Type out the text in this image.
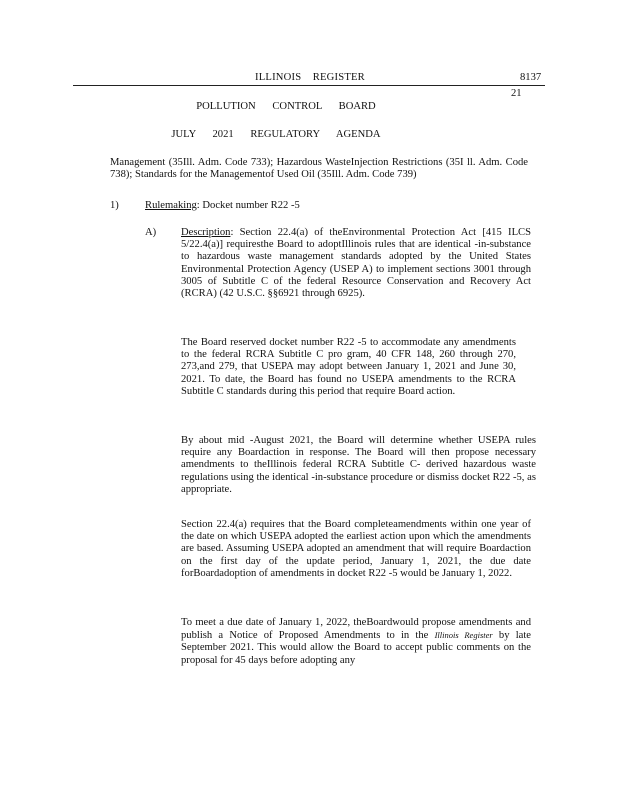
ILLINOIS    REGISTER	8137
21
POLLUTION CONTROL BOARD
JULY 2021 REGULATORY AGENDA
Management (35Ill. Adm. Code 733); Hazardous WasteInjection Restrictions (35I ll. Adm. Code 738); Standards for the Managementof Used Oil (35Ill. Adm. Code 739)
1) Rulemaking: Docket number R22 -5
A) Description: Section 22.4(a) of theEnvironmental Protection Act [415 ILCS 5/22.4(a)] requiresthe Board to adoptIllinois rules that are identical -in-substance to hazardous waste management standards adopted by the United States Environmental Protection Agency (USEP A) to implement sections 3001 through 3005 of Subtitle C of the federal Resource Conservation and Recovery Act (RCRA) (42 U.S.C. §§6921 through 6925).
The Board reserved docket number R22 -5 to accommodate any amendments to the federal RCRA Subtitle C pro gram, 40 CFR 148, 260 through 270, 273,and 279, that USEPA may adopt between January 1, 2021 and June 30, 2021. To date, the Board has found no USEPA amendments to the RCRA Subtitle C standards during this period that require Board action.
By about mid -August 2021, the Board will determine whether USEPA rules require any Boardaction in response. The Board will then propose necessary amendments to theIllinois federal RCRA Subtitle C- derived hazardous waste regulations using the identical -in-substance procedure or dismiss docket R22 -5, as appropriate.
Section 22.4(a) requires that the Board completeamendments within one year of the date on which USEPA adopted the earliest action upon which the amendments are based. Assuming USEPA adopted an amendment that will require Boardaction on the first day of the update period, January 1, 2021, the due date forBoardadoption of amendments in docket R22 -5 would be January 1, 2022.
To meet a due date of January 1, 2022, theBoardwould propose amendments and publish a Notice of Proposed Amendments to in the Illinois Register by late September 2021. This would allow the Board to accept public comments on the proposal for 45 days before adopting any
